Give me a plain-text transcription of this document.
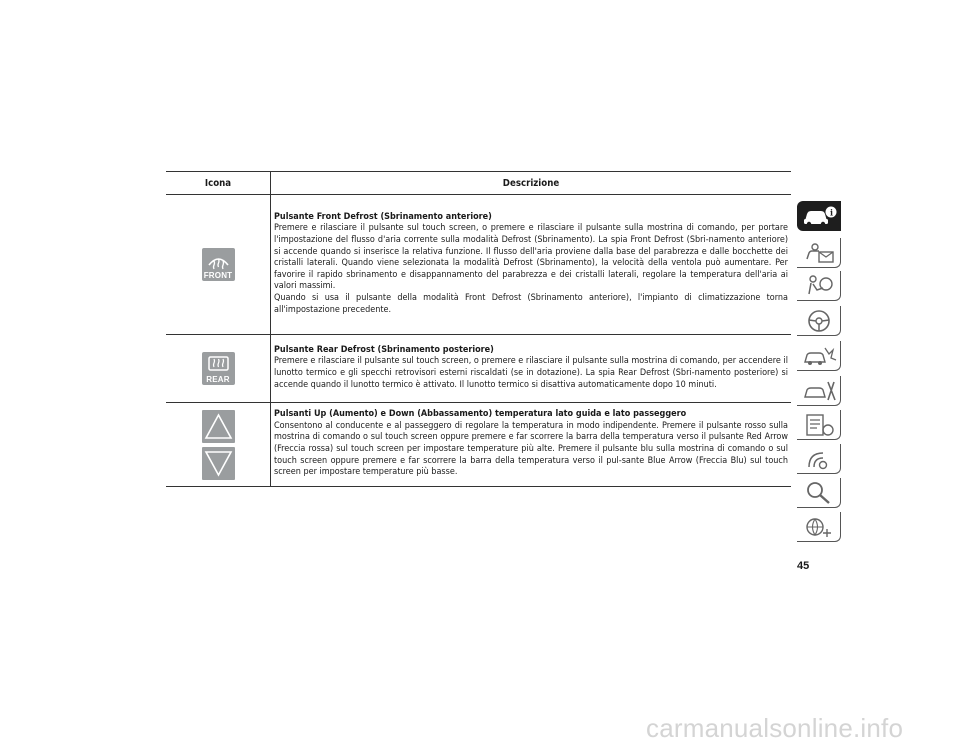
Icona	Descrizione

FRONT	Pulsante Front Defrost (Sbrinamento anteriore)
Premere e rilasciare il pulsante sul touch screen, o premere e rilasciare il pulsante sulla mostrina di comando, per portare l'impostazione del flusso d'aria corrente sulla modalità Defrost (Sbrinamento). La spia Front Defrost (Sbri-namento anteriore) si accende quando si inserisce la relativa funzione. Il flusso dell'aria proviene dalla base del parabrezza e dalle bocchette dei cristalli laterali. Quando viene selezionata la modalità Defrost (Sbrinamento), la velocità della ventola può aumentare. Per favorire il rapido sbrinamento e disappannamento del parabrezza e dei cristalli laterali, regolare la temperatura dell'aria ai valori massimi.
Quando si usa il pulsante della modalità Front Defrost (Sbrinamento anteriore), l'impianto di climatizzazione torna all'impostazione precedente.

REAR	Pulsante Rear Defrost (Sbrinamento posteriore)
Premere e rilasciare il pulsante sul touch screen, o premere e rilasciare il pulsante sulla mostrina di comando, per accendere il lunotto termico e gli specchi retrovisori esterni riscaldati (se in dotazione). La spia Rear Defrost (Sbri-namento posteriore) si accende quando il lunotto termico è attivato. Il lunotto termico si disattiva automaticamente dopo 10 minuti.

Pulsanti Up (Aumento) e Down (Abbassamento) temperatura lato guida e lato passeggero
Consentono al conducente e al passeggero di regolare la temperatura in modo indipendente. Premere il pulsante rosso sulla mostrina di comando o sul touch screen oppure premere e far scorrere la barra della temperatura verso il pulsante Red Arrow (Freccia rossa) sul touch screen per impostare temperature più alte. Premere il pulsante blu sulla mostrina di comando o sul touch screen oppure premere e far scorrere la barra della temperatura verso il pul-sante Blue Arrow (Freccia Blu) sul touch screen per impostare temperature più basse.
i
45
carmanualsonline.info
